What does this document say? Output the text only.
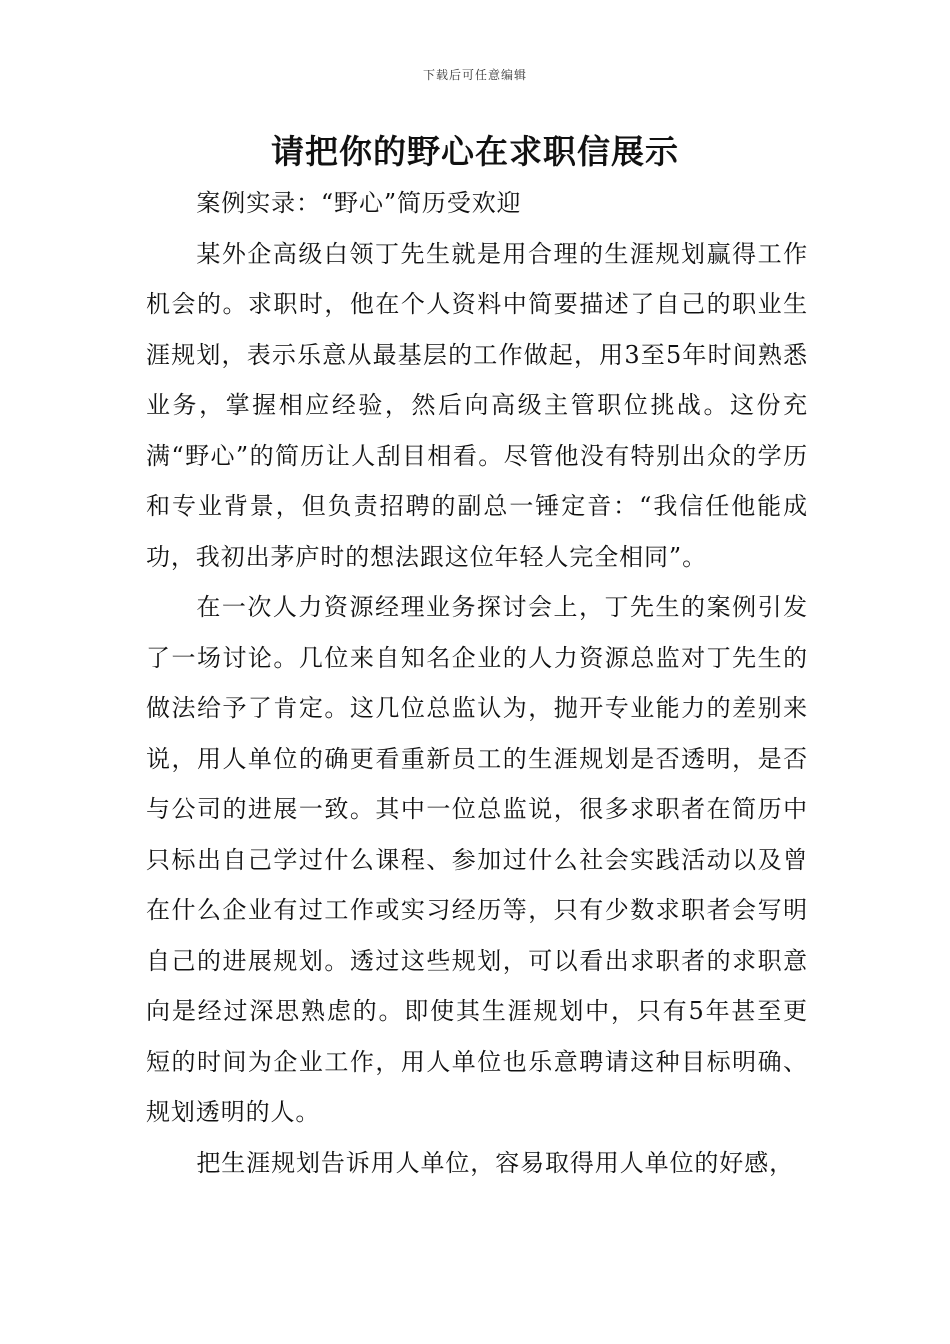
下载后可任意编辑
请把你的野心在求职信展示

案例实录：“野心”简历受欢迎

某外企高级白领丁先生就是用合理的生涯规划赢得工作机会的。求职时，他在个人资料中简要描述了自己的职业生涯规划，表示乐意从最基层的工作做起，用3至5年时间熟悉业务，掌握相应经验，然后向高级主管职位挑战。这份充满“野心”的简历让人刮目相看。尽管他没有特别出众的学历和专业背景，但负责招聘的副总一锤定音：“我信任他能成功，我初出茅庐时的想法跟这位年轻人完全相同”。

在一次人力资源经理业务探讨会上，丁先生的案例引发了一场讨论。几位来自知名企业的人力资源总监对丁先生的做法给予了肯定。这几位总监认为，抛开专业能力的差别来说，用人单位的确更看重新员工的生涯规划是否透明，是否与公司的进展一致。其中一位总监说，很多求职者在简历中只标出自己学过什么课程、参加过什么社会实践活动以及曾在什么企业有过工作或实习经历等，只有少数求职者会写明自己的进展规划。透过这些规划，可以看出求职者的求职意向是经过深思熟虑的。即使其生涯规划中，只有5年甚至更短的时间为企业工作，用人单位也乐意聘请这种目标明确、规划透明的人。

把生涯规划告诉用人单位，容易取得用人单位的好感，
